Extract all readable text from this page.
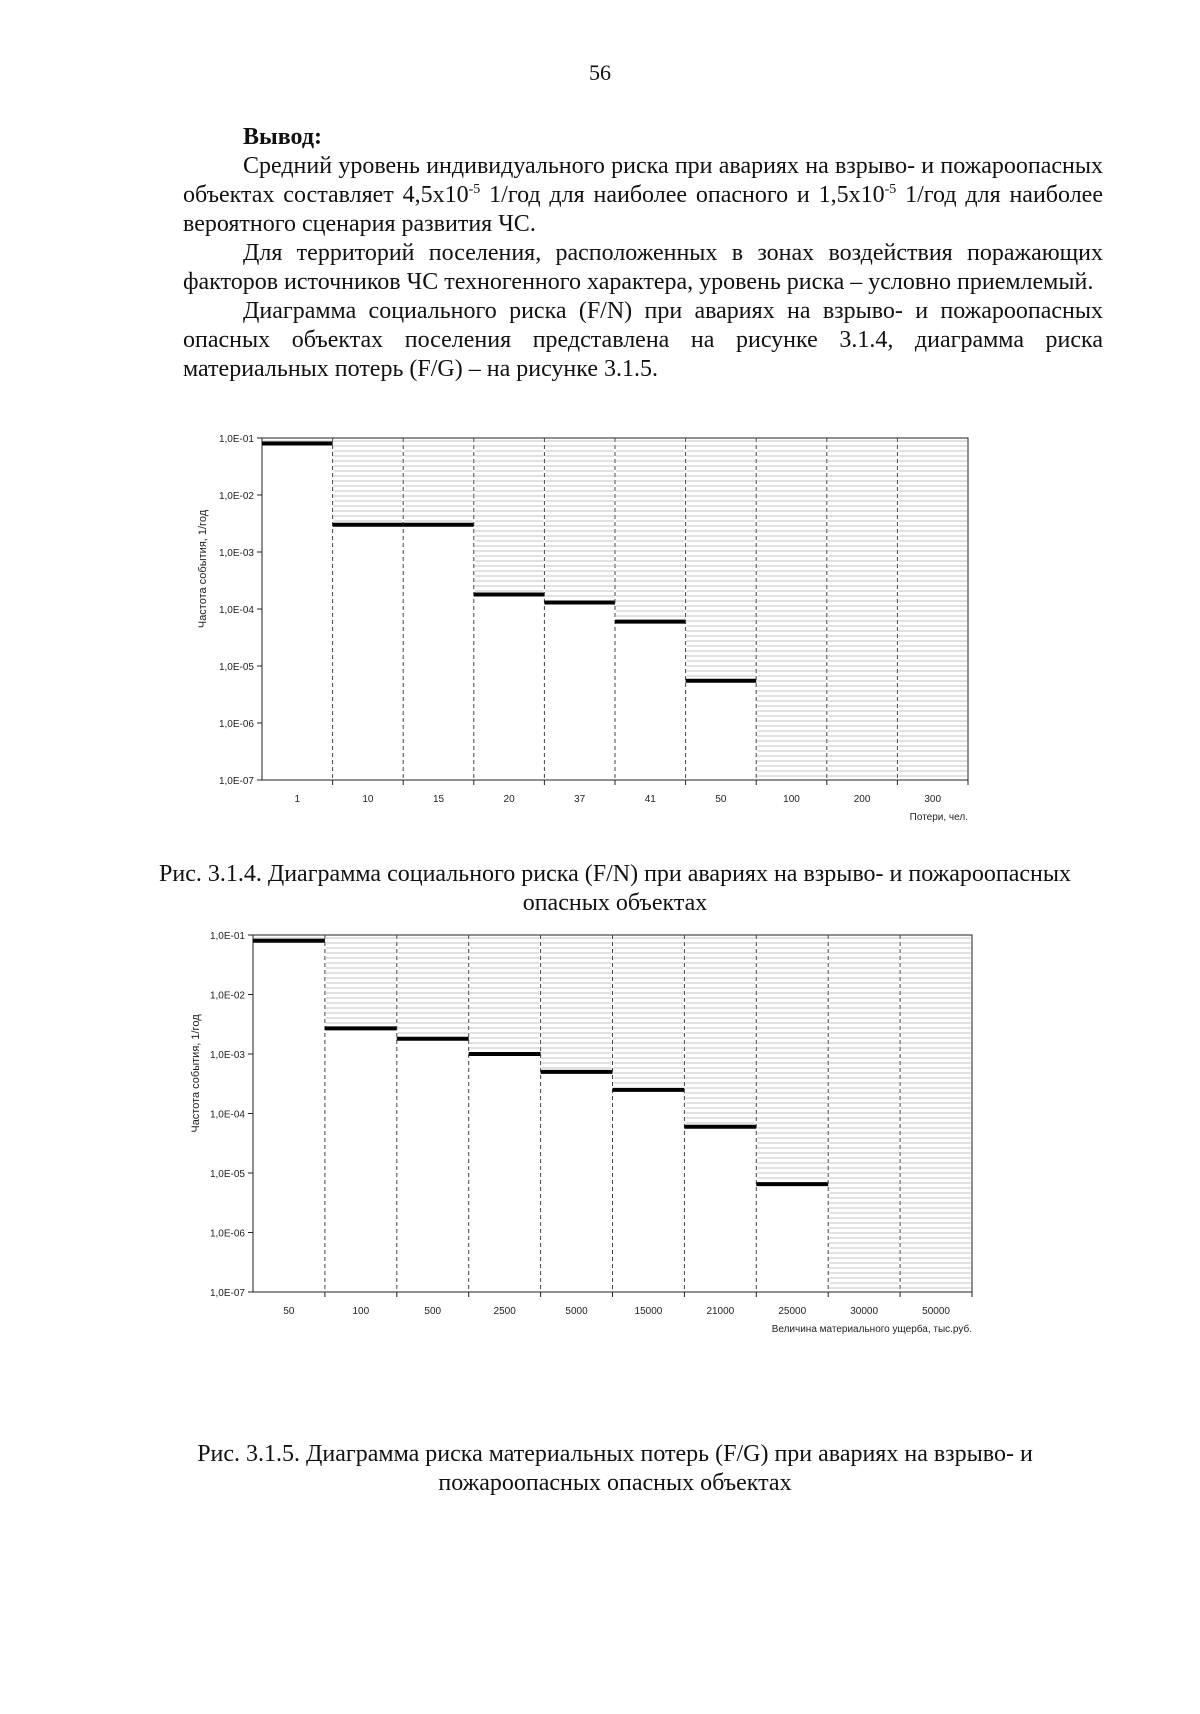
56
Вывод:

Средний уровень индивидуального риска при авариях на взрыво- и пожароопасных объектах составляет $4,5х10^{-5}$ 1/год для наиболее опасного и $1,5х10^{-5}$ 1/год для наиболее вероятного сценария развития ЧС.

Для территорий поселения, расположенных в зонах воздействия поражающих факторов источников ЧС техногенного характера, уровень риска – условно приемлемый.

Диаграмма социального риска (F/N) при авариях на взрыво- и пожароопасных опасных объектах поселения представлена на рисунке 3.1.4, диаграмма риска материальных потерь (F/G) – на рисунке 3.1.5.

1,0E-01
1,0E-02
1,0E-03
1,0E-04
1,0E-05
1,0E-06
1,0E-07
Частота события, 1/год
1	10	15	20	37	41	50	100	200	300
Потери, чел.
Рис. 3.1.4. Диаграмма социального риска (F/N) при авариях на взрыво- и пожароопасных опасных объектах
1,0E-01
1,0E-02
1,0E-03
1,0E-04
1,0E-05
1,0E-06
1,0E-07
Частота события, 1/год
50	100	500	2500	5000	15000	21000	25000	30000	50000
Величина материального ущерба, тыс.руб.
Рис. 3.1.5. Диаграмма риска материальных потерь (F/G) при авариях на взрыво- и пожароопасных опасных объектах
